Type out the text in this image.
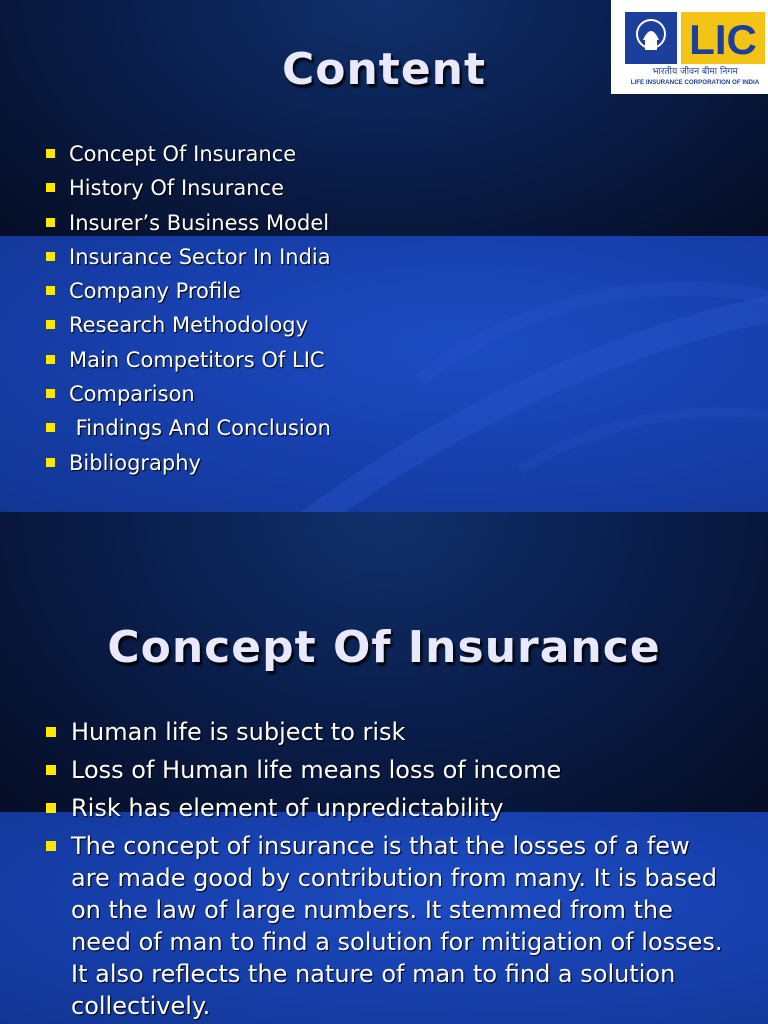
Content
LIC
भारतीय जीवन बीमा निगम
LIFE INSURANCE CORPORATION OF INDIA
Concept Of Insurance
History Of Insurance
Insurer’s Business Model
Insurance Sector In India
Company Profile
Research Methodology
Main Competitors Of LIC
Comparison
Findings And Conclusion
Bibliography
Concept Of Insurance
Human life is subject to risk
Loss of Human life means loss of income
Risk has element of unpredictability
The concept of insurance is that the losses of a few are made good by contribution from many. It is based on the law of large numbers. It stemmed from the need of man to find a solution for mitigation of losses. It also reflects the nature of man to find a solution collectively.
